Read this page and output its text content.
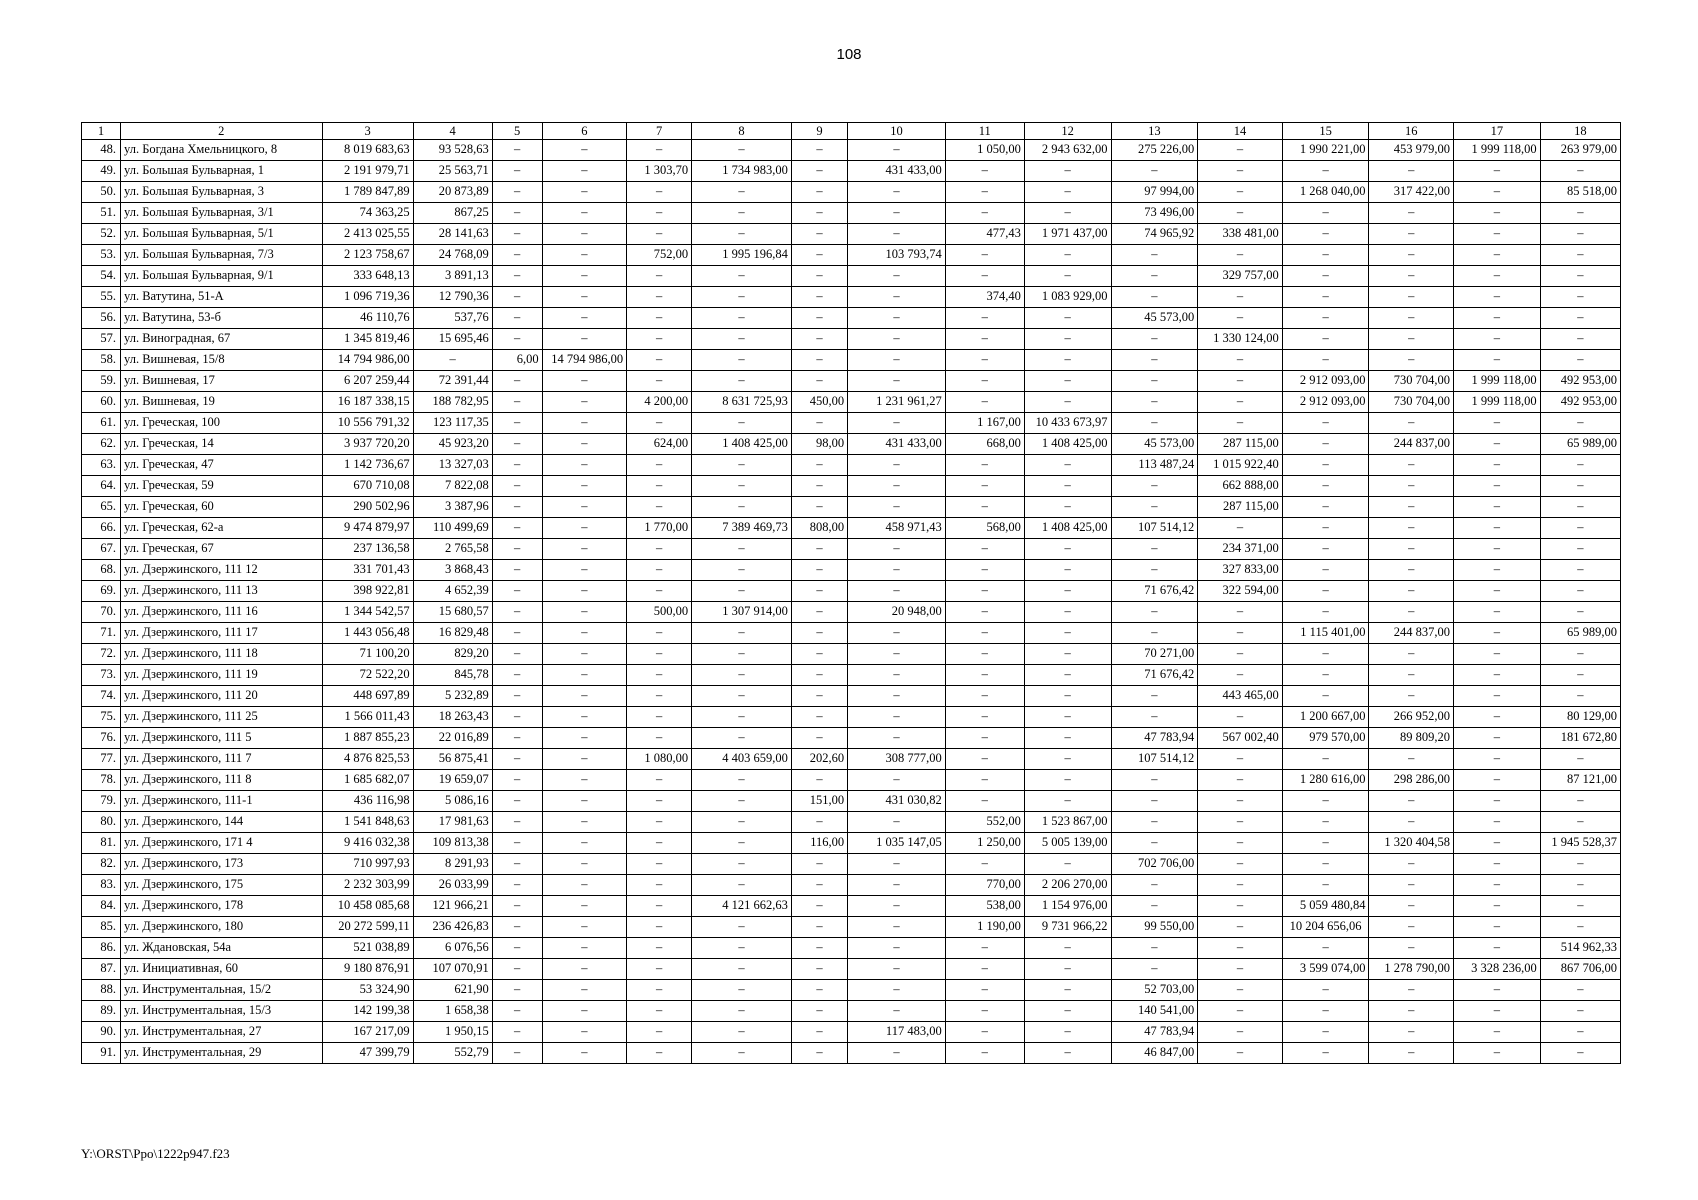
108
1	2	3	4	5	6	7	8	9	10	11	12	13	14	15	16	17	18
48.	ул. Богдана Хмельницкого, 8	8 019 683,63	93 528,63	–	–	–	–	–	–	1 050,00	2 943 632,00	275 226,00	–	1 990 221,00	453 979,00	1 999 118,00	263 979,00
49.	ул. Большая Бульварная, 1	2 191 979,71	25 563,71	–	–	1 303,70	1 734 983,00	–	431 433,00	–	–	–	–	–	–	–	–
50.	ул. Большая Бульварная, 3	1 789 847,89	20 873,89	–	–	–	–	–	–	–	–	97 994,00	–	1 268 040,00	317 422,00	–	85 518,00
51.	ул. Большая Бульварная, 3/1	74 363,25	867,25	–	–	–	–	–	–	–	–	73 496,00	–	–	–	–	–
52.	ул. Большая Бульварная, 5/1	2 413 025,55	28 141,63	–	–	–	–	–	–	477,43	1 971 437,00	74 965,92	338 481,00	–	–	–	–
53.	ул. Большая Бульварная, 7/3	2 123 758,67	24 768,09	–	–	752,00	1 995 196,84	–	103 793,74	–	–	–	–	–	–	–	–
54.	ул. Большая Бульварная, 9/1	333 648,13	3 891,13	–	–	–	–	–	–	–	–	–	329 757,00	–	–	–	–
55.	ул. Ватутина, 51-А	1 096 719,36	12 790,36	–	–	–	–	–	–	374,40	1 083 929,00	–	–	–	–	–	–
56.	ул. Ватутина, 53-б	46 110,76	537,76	–	–	–	–	–	–	–	–	45 573,00	–	–	–	–	–
57.	ул. Виноградная, 67	1 345 819,46	15 695,46	–	–	–	–	–	–	–	–	–	1 330 124,00	–	–	–	–
58.	ул. Вишневая, 15/8	14 794 986,00	–	6,00	14 794 986,00	–	–	–	–	–	–	–	–	–	–	–	–
59.	ул. Вишневая, 17	6 207 259,44	72 391,44	–	–	–	–	–	–	–	–	–	–	2 912 093,00	730 704,00	1 999 118,00	492 953,00
60.	ул. Вишневая, 19	16 187 338,15	188 782,95	–	–	4 200,00	8 631 725,93	450,00	1 231 961,27	–	–	–	–	2 912 093,00	730 704,00	1 999 118,00	492 953,00
61.	ул. Греческая, 100	10 556 791,32	123 117,35	–	–	–	–	–	–	1 167,00	10 433 673,97	–	–	–	–	–	–
62.	ул. Греческая, 14	3 937 720,20	45 923,20	–	–	624,00	1 408 425,00	98,00	431 433,00	668,00	1 408 425,00	45 573,00	287 115,00	–	244 837,00	–	65 989,00
63.	ул. Греческая, 47	1 142 736,67	13 327,03	–	–	–	–	–	–	–	–	113 487,24	1 015 922,40	–	–	–	–
64.	ул. Греческая, 59	670 710,08	7 822,08	–	–	–	–	–	–	–	–	–	662 888,00	–	–	–	–
65.	ул. Греческая, 60	290 502,96	3 387,96	–	–	–	–	–	–	–	–	–	287 115,00	–	–	–	–
66.	ул. Греческая, 62-а	9 474 879,97	110 499,69	–	–	1 770,00	7 389 469,73	808,00	458 971,43	568,00	1 408 425,00	107 514,12	–	–	–	–	–
67.	ул. Греческая, 67	237 136,58	2 765,58	–	–	–	–	–	–	–	–	–	234 371,00	–	–	–	–
68.	ул. Дзержинского, 111 12	331 701,43	3 868,43	–	–	–	–	–	–	–	–	–	327 833,00	–	–	–	–
69.	ул. Дзержинского, 111 13	398 922,81	4 652,39	–	–	–	–	–	–	–	–	71 676,42	322 594,00	–	–	–	–
70.	ул. Дзержинского, 111 16	1 344 542,57	15 680,57	–	–	500,00	1 307 914,00	–	20 948,00	–	–	–	–	–	–	–	–
71.	ул. Дзержинского, 111 17	1 443 056,48	16 829,48	–	–	–	–	–	–	–	–	–	–	1 115 401,00	244 837,00	–	65 989,00
72.	ул. Дзержинского, 111 18	71 100,20	829,20	–	–	–	–	–	–	–	–	70 271,00	–	–	–	–	–
73.	ул. Дзержинского, 111 19	72 522,20	845,78	–	–	–	–	–	–	–	–	71 676,42	–	–	–	–	–
74.	ул. Дзержинского, 111 20	448 697,89	5 232,89	–	–	–	–	–	–	–	–	–	443 465,00	–	–	–	–
75.	ул. Дзержинского, 111 25	1 566 011,43	18 263,43	–	–	–	–	–	–	–	–	–	–	1 200 667,00	266 952,00	–	80 129,00
76.	ул. Дзержинского, 111 5	1 887 855,23	22 016,89	–	–	–	–	–	–	–	–	47 783,94	567 002,40	979 570,00	89 809,20	–	181 672,80
77.	ул. Дзержинского, 111 7	4 876 825,53	56 875,41	–	–	1 080,00	4 403 659,00	202,60	308 777,00	–	–	107 514,12	–	–	–	–	–
78.	ул. Дзержинского, 111 8	1 685 682,07	19 659,07	–	–	–	–	–	–	–	–	–	–	1 280 616,00	298 286,00	–	87 121,00
79.	ул. Дзержинского, 111-1	436 116,98	5 086,16	–	–	–	–	151,00	431 030,82	–	–	–	–	–	–	–	–
80.	ул. Дзержинского, 144	1 541 848,63	17 981,63	–	–	–	–	–	–	552,00	1 523 867,00	–	–	–	–	–	–
81.	ул. Дзержинского, 171 4	9 416 032,38	109 813,38	–	–	–	–	116,00	1 035 147,05	1 250,00	5 005 139,00	–	–	–	1 320 404,58	–	1 945 528,37
82.	ул. Дзержинского, 173	710 997,93	8 291,93	–	–	–	–	–	–	–	–	702 706,00	–	–	–	–	–
83.	ул. Дзержинского, 175	2 232 303,99	26 033,99	–	–	–	–	–	–	770,00	2 206 270,00	–	–	–	–	–	–
84.	ул. Дзержинского, 178	10 458 085,68	121 966,21	–	–	–	4 121 662,63	–	–	538,00	1 154 976,00	–	–	5 059 480,84	–	–	–
85.	ул. Дзержинского, 180	20 272 599,11	236 426,83	–	–	–	–	–	–	1 190,00	9 731 966,22	99 550,00	–	10 204 656,06	–	–	–
86.	ул. Ждановская, 54а	521 038,89	6 076,56	–	–	–	–	–	–	–	–	–	–	–	–	–	514 962,33
87.	ул. Инициативная, 60	9 180 876,91	107 070,91	–	–	–	–	–	–	–	–	–	–	3 599 074,00	1 278 790,00	3 328 236,00	867 706,00
88.	ул. Инструментальная, 15/2	53 324,90	621,90	–	–	–	–	–	–	–	–	52 703,00	–	–	–	–	–
89.	ул. Инструментальная, 15/3	142 199,38	1 658,38	–	–	–	–	–	–	–	–	140 541,00	–	–	–	–	–
90.	ул. Инструментальная, 27	167 217,09	1 950,15	–	–	–	–	–	117 483,00	–	–	47 783,94	–	–	–	–	–
91.	ул. Инструментальная, 29	47 399,79	552,79	–	–	–	–	–	–	–	–	46 847,00	–	–	–	–	–
Y:\ORST\Ppo\1222p947.f23
